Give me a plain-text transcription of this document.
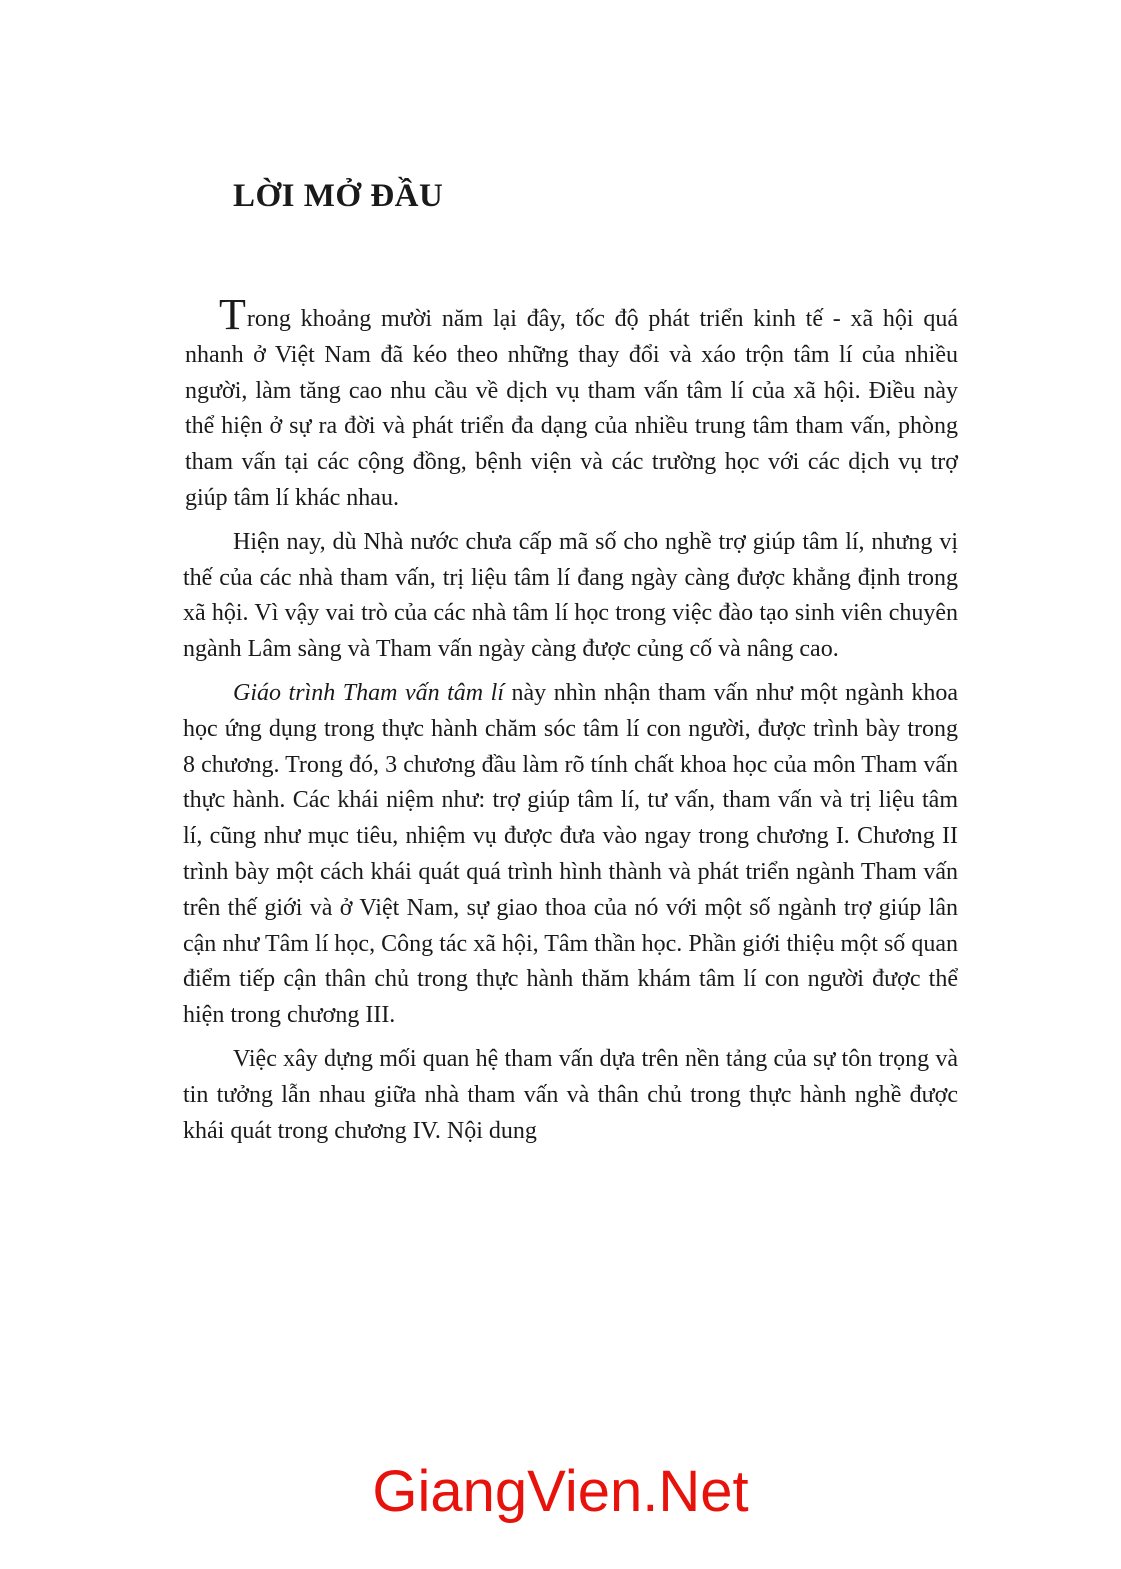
LỜI MỞ ĐẦU

Trong khoảng mười năm lại đây, tốc độ phát triển kinh tế - xã hội quá nhanh ở Việt Nam đã kéo theo những thay đổi và xáo trộn tâm lí của nhiều người, làm tăng cao nhu cầu về dịch vụ tham vấn tâm lí của xã hội. Điều này thể hiện ở sự ra đời và phát triển đa dạng của nhiều trung tâm tham vấn, phòng tham vấn tại các cộng đồng, bệnh viện và các trường học với các dịch vụ trợ giúp tâm lí khác nhau.

Hiện nay, dù Nhà nước chưa cấp mã số cho nghề trợ giúp tâm lí, nhưng vị thế của các nhà tham vấn, trị liệu tâm lí đang ngày càng được khẳng định trong xã hội. Vì vậy vai trò của các nhà tâm lí học trong việc đào tạo sinh viên chuyên ngành Lâm sàng và Tham vấn ngày càng được củng cố và nâng cao.

Giáo trình Tham vấn tâm lí này nhìn nhận tham vấn như một ngành khoa học ứng dụng trong thực hành chăm sóc tâm lí con người, được trình bày trong 8 chương. Trong đó, 3 chương đầu làm rõ tính chất khoa học của môn Tham vấn thực hành. Các khái niệm như: trợ giúp tâm lí, tư vấn, tham vấn và trị liệu tâm lí, cũng như mục tiêu, nhiệm vụ được đưa vào ngay trong chương I. Chương II trình bày một cách khái quát quá trình hình thành và phát triển ngành Tham vấn trên thế giới và ở Việt Nam, sự giao thoa của nó với một số ngành trợ giúp lân cận như Tâm lí học, Công tác xã hội, Tâm thần học. Phần giới thiệu một số quan điểm tiếp cận thân chủ trong thực hành thăm khám tâm lí con người được thể hiện trong chương III.

Việc xây dựng mối quan hệ tham vấn dựa trên nền tảng của sự tôn trọng và tin tưởng lẫn nhau giữa nhà tham vấn và thân chủ trong thực hành nghề được khái quát trong chương IV. Nội dung

GiangVien.Net
